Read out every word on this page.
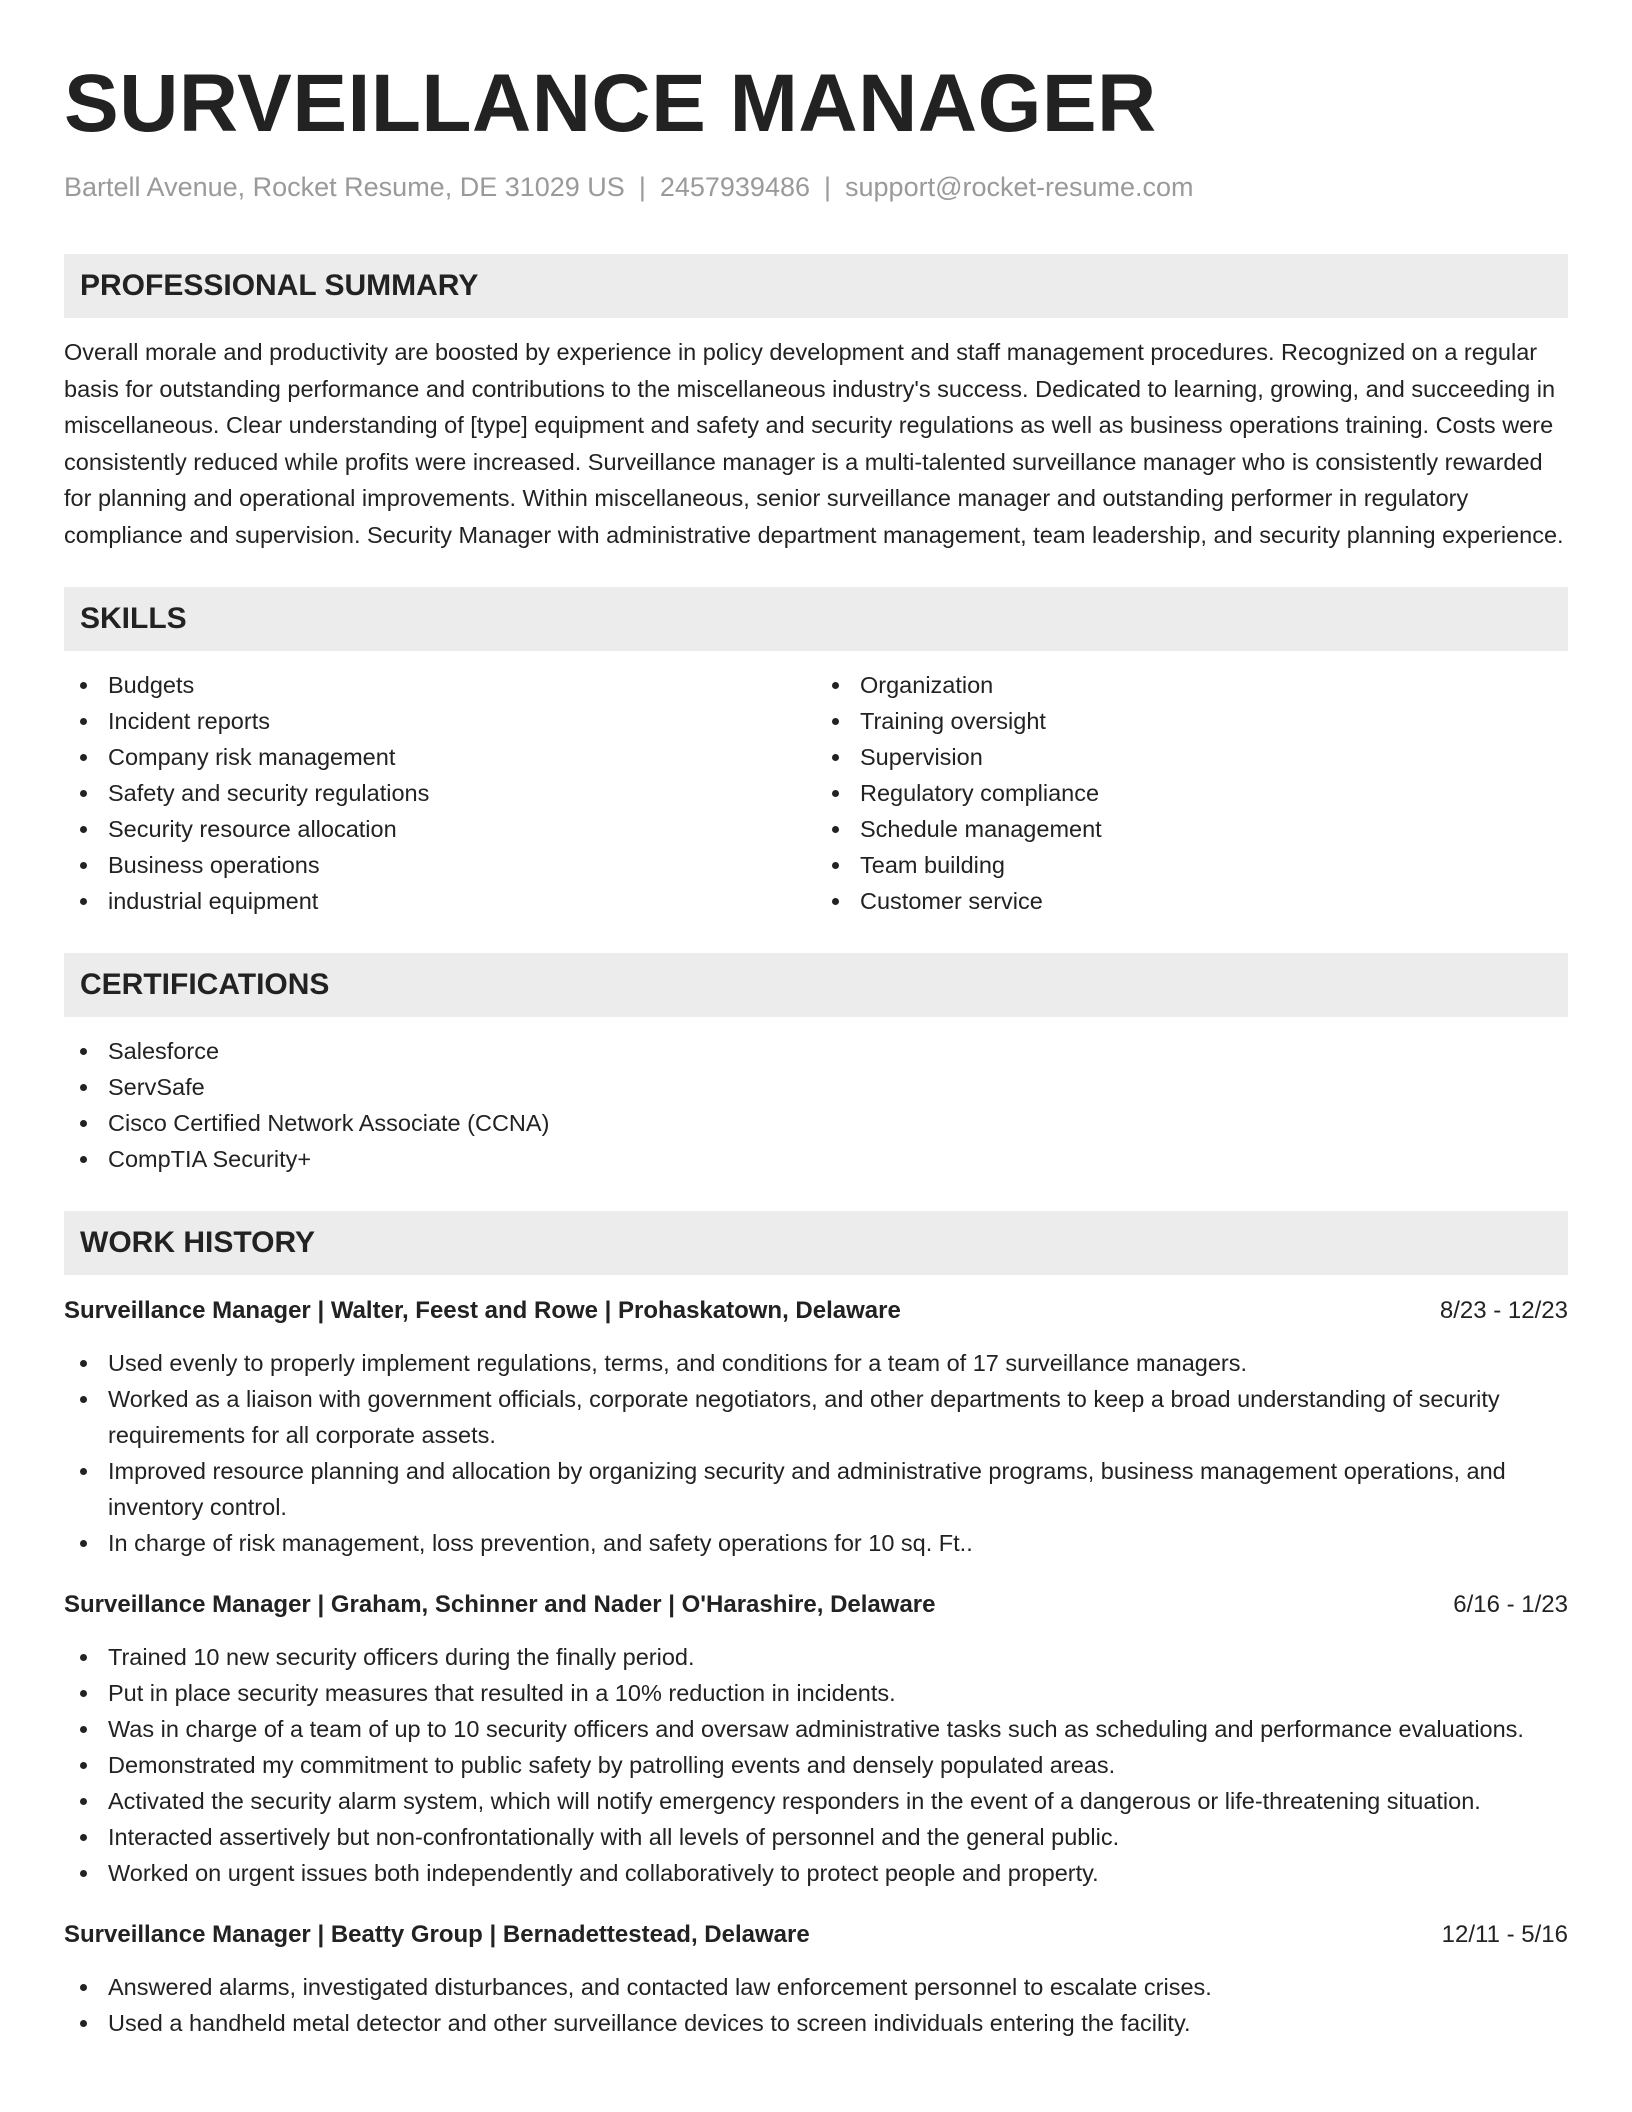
SURVEILLANCE MANAGER
Bartell Avenue, Rocket Resume, DE 31029 US | 2457939486 | support@rocket-resume.com
PROFESSIONAL SUMMARY

Overall morale and productivity are boosted by experience in policy development and staff management procedures. Recognized on a regular basis for outstanding performance and contributions to the miscellaneous industry's success. Dedicated to learning, growing, and succeeding in miscellaneous. Clear understanding of [type] equipment and safety and security regulations as well as business operations training. Costs were consistently reduced while profits were increased. Surveillance manager is a multi-talented surveillance manager who is consistently rewarded for planning and operational improvements. Within miscellaneous, senior surveillance manager and outstanding performer in regulatory compliance and supervision. Security Manager with administrative department management, team leadership, and security planning experience.

SKILLS
Budgets
Incident reports
Company risk management
Safety and security regulations
Security resource allocation
Business operations
industrial equipment
Organization
Training oversight
Supervision
Regulatory compliance
Schedule management
Team building
Customer service
CERTIFICATIONS
Salesforce
ServSafe
Cisco Certified Network Associate (CCNA)
CompTIA Security+
WORK HISTORY
Surveillance Manager | Walter, Feest and Rowe | Prohaskatown, Delaware	8/23 - 12/23
Used evenly to properly implement regulations, terms, and conditions for a team of 17 surveillance managers.
Worked as a liaison with government officials, corporate negotiators, and other departments to keep a broad understanding of security requirements for all corporate assets.
Improved resource planning and allocation by organizing security and administrative programs, business management operations, and inventory control.
In charge of risk management, loss prevention, and safety operations for 10 sq. Ft..
Surveillance Manager | Graham, Schinner and Nader | O'Harashire, Delaware	6/16 - 1/23
Trained 10 new security officers during the finally period.
Put in place security measures that resulted in a 10% reduction in incidents.
Was in charge of a team of up to 10 security officers and oversaw administrative tasks such as scheduling and performance evaluations.
Demonstrated my commitment to public safety by patrolling events and densely populated areas.
Activated the security alarm system, which will notify emergency responders in the event of a dangerous or life-threatening situation.
Interacted assertively but non-confrontationally with all levels of personnel and the general public.
Worked on urgent issues both independently and collaboratively to protect people and property.
Surveillance Manager | Beatty Group | Bernadettestead, Delaware	12/11 - 5/16
Answered alarms, investigated disturbances, and contacted law enforcement personnel to escalate crises.
Used a handheld metal detector and other surveillance devices to screen individuals entering the facility.
